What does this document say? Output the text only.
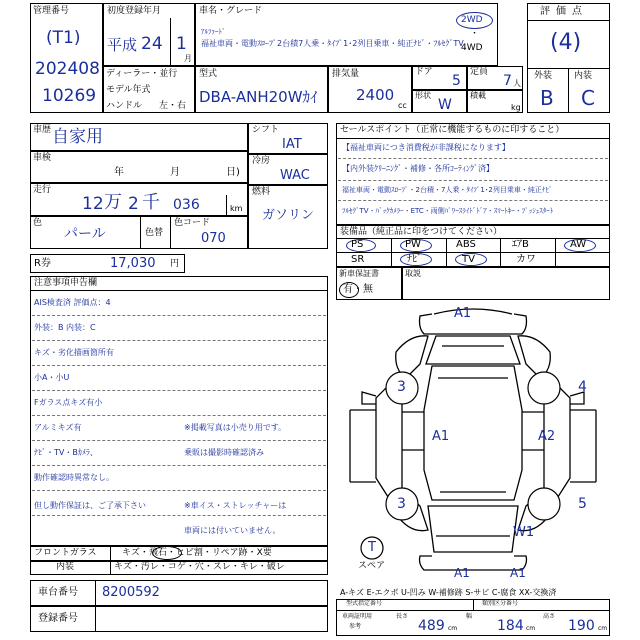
管理番号
(T1)
202408
10269
初度登録年月
平成 24 1
月
車名・グレード
ｱﾙﾌｧｰﾄﾞ
福祉車両・電動ｽﾛｰﾌﾟ2台積7人乗・ﾀｲﾌﾟ1･2列目乗車・純正ﾅﾋﾞ・ﾌﾙｾｸﾞTV
2WD
・
4WD
評価点
(4)
外装 内装
B C
ディーラー・並行
モデル年式
ハンドル 左・右
型式
DBA-ANH20Wｶｲ
排気量
2400
cc
ドア
5
定員
7 人
形状
W
積載
kg
車歴 自家用
車検
年	月	日)
走行
12 万 2 千 036	km
色
パール	色替
色コード
070
シフト
IAT
冷房
WAC
燃料
ガソリン
R券	17,030 円
セールスポイント（正常に機能するものに印すること）
【福祉車両につき消費税が非課税になります】
【内外装ｸﾘｰﾆﾝｸﾞ・補修・各所ｺｰﾃｨﾝｸﾞ済】
福祉車両・電動ｽﾛｰﾌﾟ・2台積・7人乗・ﾀｲﾌﾟ1･2列目乗車・純正ﾅﾋﾞ
ﾌﾙｾｸﾞTV・ﾊﾞｯｸｶﾒﾗｰ・ETC・両側ﾊﾟﾜｰｽﾗｲﾄﾞﾄﾞｱ・ｽﾏｰﾄｷｰ・ﾌﾟｯｼｭｽﾀｰﾄ
装備品（純正品に印をつけてください）
PS	PW	ABS	ｴｱB	AW
SR	ﾅﾋﾞ	TV	カワ
新車保証書
有・無
取説
注意事項申告欄
AIS検査済 評価点：4
外装：B 内装：C
キズ・劣化描画箇所有
小A・小U
Fガラス点キズ有小
アルミキズ有
ﾅﾋﾞ・TV・Bｶﾒﾗ、
動作確認時異常なし。
但し動作保証は、ご了承下さい
※掲載写真は小売り用です。
乗販は撮影時確認済み
※車イス・ストレッチャーは
車両には付いていません。
フロントガラス	キズ・飛石・ヒビ割・リペア跡・X要
内装	キズ・汚レ・コゲ・穴・スレ・キレ・破レ
車台番号 8200592
登録番号
A1
A1	A2
3	4
3	5
W1
A1	A1
T
スペア
A-キズ E-エクボ U-凹み W-補修跡 S-サビ C-腐食 XX-交換済
型式指定番号	類別区分番号
車両証明用
参考
長さ
489 cm
幅
184 cm
高さ
190 cm
